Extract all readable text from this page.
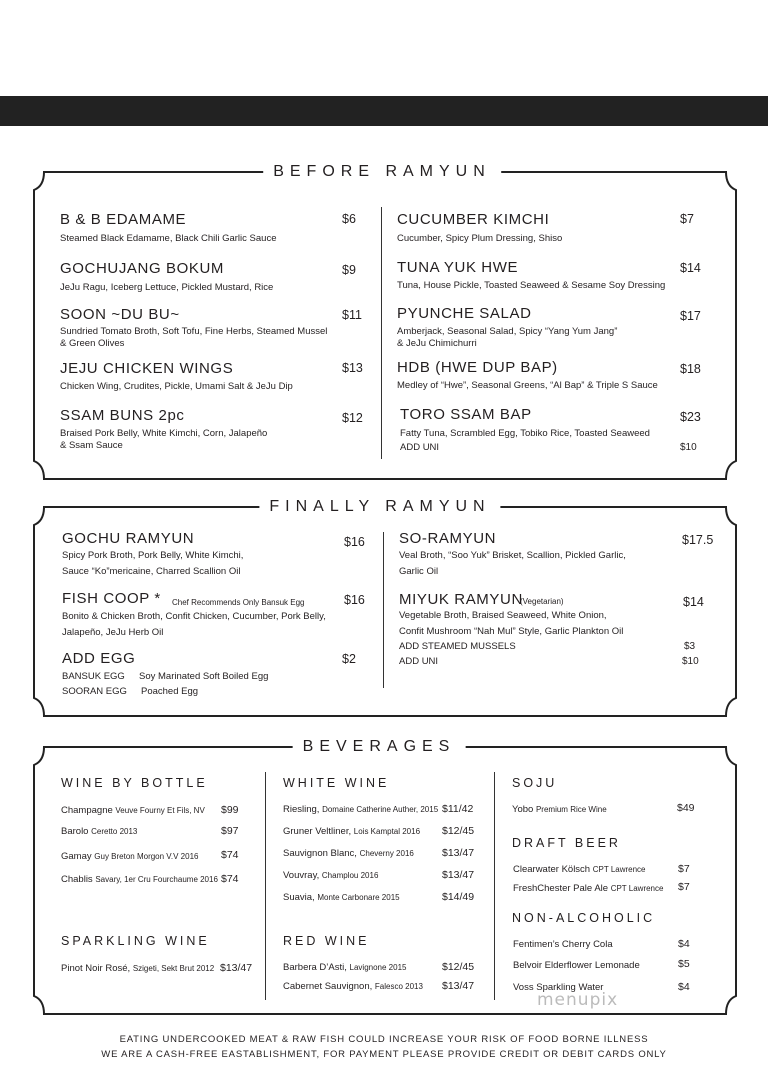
BEFORE RAMYUN
FINALLY RAMYUN
BEVERAGES
B & B EDAMAME	$6
Steamed Black Edamame, Black Chili Garlic Sauce
GOCHUJANG BOKUM	$9
JeJu Ragu, Iceberg Lettuce, Pickled Mustard, Rice
SOON ~DU BU~	$11
Sundried Tomato Broth, Soft Tofu, Fine Herbs, Steamed Mussel
& Green Olives
JEJU CHICKEN WINGS	$13
Chicken Wing, Crudites, Pickle, Umami Salt & JeJu Dip
SSAM BUNS 2pc	$12
Braised Pork Belly, White Kimchi, Corn, Jalapeño
& Ssam Sauce
CUCUMBER KIMCHI	$7
Cucumber, Spicy Plum Dressing, Shiso
TUNA YUK HWE	$14
Tuna, House Pickle, Toasted Seaweed & Sesame Soy Dressing
PYUNCHE SALAD	$17
Amberjack, Seasonal Salad, Spicy “Yang Yum Jang”
& JeJu Chimichurri
HDB (HWE DUP BAP)	$18
Medley of “Hwe”, Seasonal Greens, “Al Bap” & Triple S Sauce
TORO SSAM BAP	$23
Fatty Tuna, Scrambled Egg, Tobiko Rice, Toasted Seaweed
ADD UNI	$10
GOCHU RAMYUN	$16
Spicy Pork Broth, Pork Belly, White Kimchi,
Sauce “Ko”mericaine, Charred Scallion Oil
FISH COOP * Chef Recommends Only Bansuk Egg	$16
Bonito & Chicken Broth, Confit Chicken, Cucumber, Pork Belly,
Jalapeño, JeJu Herb Oil
ADD EGG	$2
BANSUK EGG Soy Marinated Soft Boiled Egg
SOORAN EGG Poached Egg
SO-RAMYUN	$17.5
Veal Broth, “Soo Yuk” Brisket, Scallion, Pickled Garlic,
Garlic Oil
MIYUK RAMYUN
(Vegetarian)	$14
Vegetable Broth, Braised Seaweed, White Onion,
Confit Mushroom “Nah Mul” Style, Garlic Plankton Oil
ADD STEAMED MUSSELS	$3
ADD UNI	$10
WINE BY BOTTLE
Champagne Veuve Fourny Et Fils, NV $99
Barolo Ceretto 2013	$97
Gamay Guy Breton Morgon V.V 2016 $74
Chablis Savary, 1er Cru Fourchaume 2016 $74
SPARKLING WINE
Pinot Noir Rosé, Szigeti, Sekt Brut 2012 $13/47
WHITE WINE
Riesling, Domaine Catherine Auther, 2015 $11/42
Gruner Veltliner, Lois Kamptal 2016 $12/45
Sauvignon Blanc, Cheverny 2016	$13/47
Vouvray, Champlou 2016	$13/47
Suavia, Monte Carbonare 2015	$14/49
RED WINE
Barbera D’Asti, Lavignone 2015	$12/45
Cabernet Sauvignon, Falesco 2013 $13/47
SOJU
Yobo Premium Rice Wine	$49
DRAFT BEER
Clearwater Kölsch CPT Lawrence	$7
FreshChester Pale Ale CPT Lawrence $7
NON-ALCOHOLIC
Fentimen’s Cherry Cola	$4
Belvoir Elderflower Lemonade	$5
Voss Sparkling Water	$4
menupix
EATING UNDERCOOKED MEAT & RAW FISH COULD INCREASE YOUR RISK OF FOOD BORNE ILLNESS
WE ARE A CASH-FREE EASTABLISHMENT, FOR PAYMENT PLEASE PROVIDE CREDIT OR DEBIT CARDS ONLY
